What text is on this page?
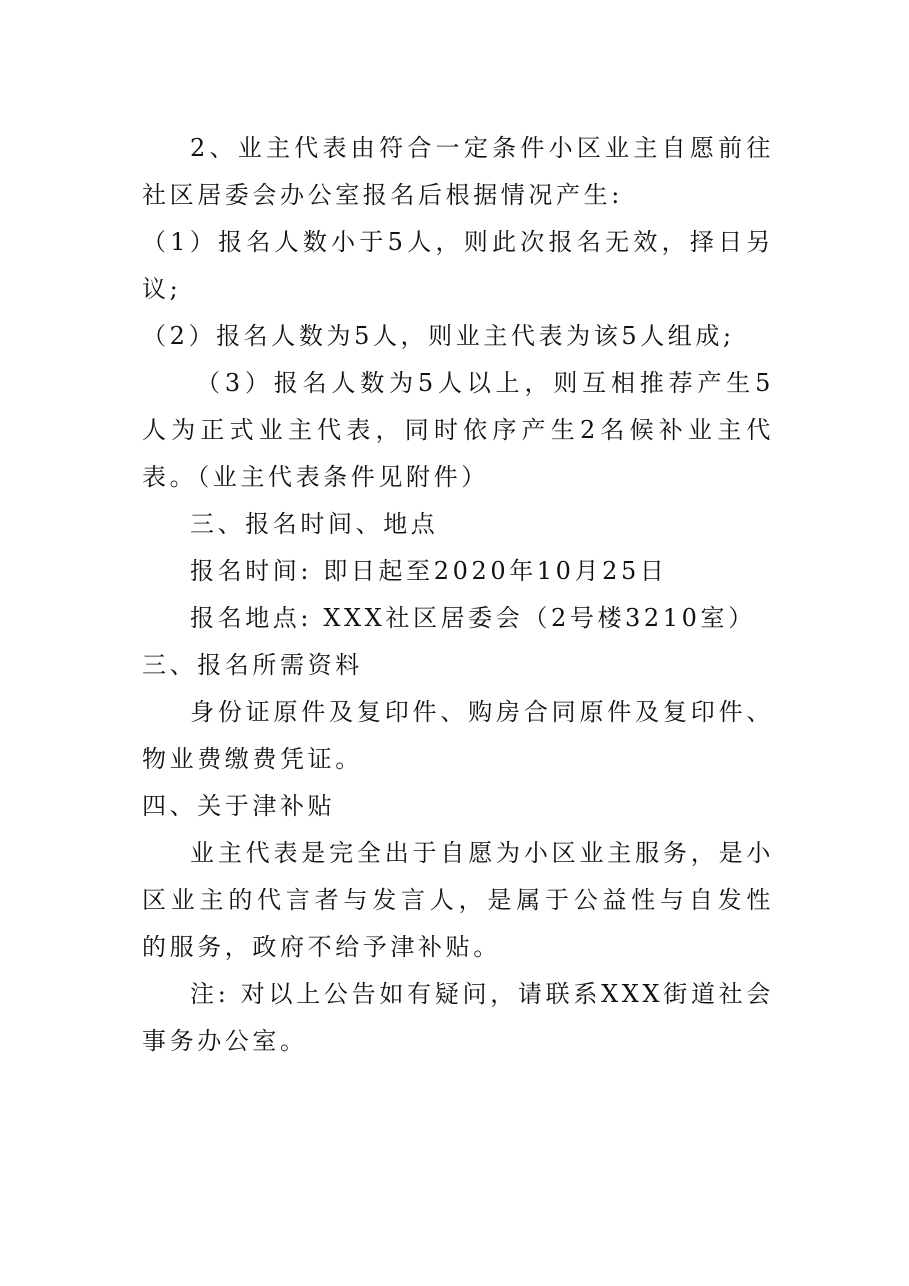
2、业主代表由符合一定条件小区业主自愿前往社区居委会办公室报名后根据情况产生:

（1）报名人数小于5人，则此次报名无效，择日另议;

（2）报名人数为5人，则业主代表为该5人组成;

（3）报名人数为5人以上，则互相推荐产生5人为正式业主代表，同时依序产生2名候补业主代表。（业主代表条件见附件）

三、报名时间、地点

报名时间: 即日起至2020年10月25日

报名地点: XXX社区居委会（2号楼3210室）

三、报名所需资料

身份证原件及复印件、购房合同原件及复印件、物业费缴费凭证。

四、关于津补贴

业主代表是完全出于自愿为小区业主服务，是小区业主的代言者与发言人，是属于公益性与自发性的服务，政府不给予津补贴。

注: 对以上公告如有疑问，请联系XXX街道社会事务办公室。
